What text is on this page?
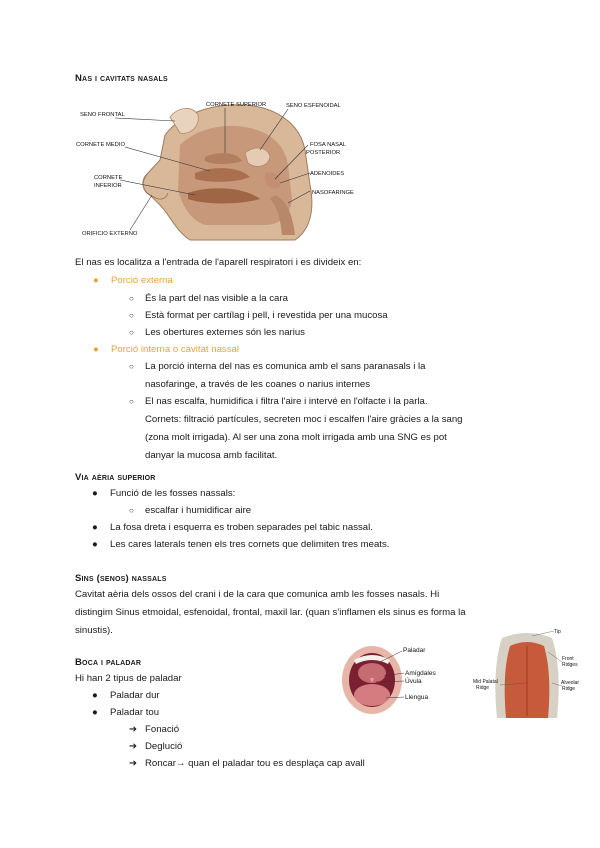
Nas i cavitats nasals
SENO FRONTAL
CORNETE SUPERIOR	SENO ESFENOIDAL
CORNETE MEDIO	FOSA NASAL
POSTERIOR
CORNETE
INFERIOR
ADENOIDES
NASOFARINGE
ORIFICIO EXTERNO
El nas es localitza a l'entrada de l'aparell respiratori i es divideix en:
● Porció externa
○ És la part del nas visible a la cara
○ Està format per cartílag i pell, i revestida per una mucosa
○ Les obertures externes són les narius
● Porció interna o cavitat nassal
○ La porció interna del nas es comunica amb el sans paranasals i la
nasofaringe, a través de les coanes o narius internes
○ El nas escalfa, humidifica i filtra l'aire i intervé en l'olfacte i la parla.
Cornets: filtració partícules, secreten moc i escalfen l'aire gràcies a la sang
(zona molt irrigada). Al ser una zona molt irrigada amb una SNG es pot
danyar la mucosa amb facilitat.
Via aèria superior
● Funció de les fosses nassals:
○ escalfar i humidificar aire
● La fosa dreta i esquerra es troben separades pel tabic nassal.
● Les cares laterals tenen els tres cornets que delimiten tres meats.
Sins (senos) nassals
Cavitat aèria dels ossos del crani i de la cara que comunica amb les fosses nasals. Hi
distingim Sinus etmoidal, esfenoidal, frontal, maxil lar. (quan s'inflamen els sinus es forma la
sinustis).
Boca i paladar
Hi han 2 tipus de paladar
● Paladar dur
● Paladar tou
➔ Fonació
➔ Deglució
➔ Roncar→ quan el paladar tou es desplaça cap avall
Paladar
Amígdales
Úvula
Llengua
Tip
Front
Ridges
Mid Palatal
Ridge
Alveolar
Ridge
